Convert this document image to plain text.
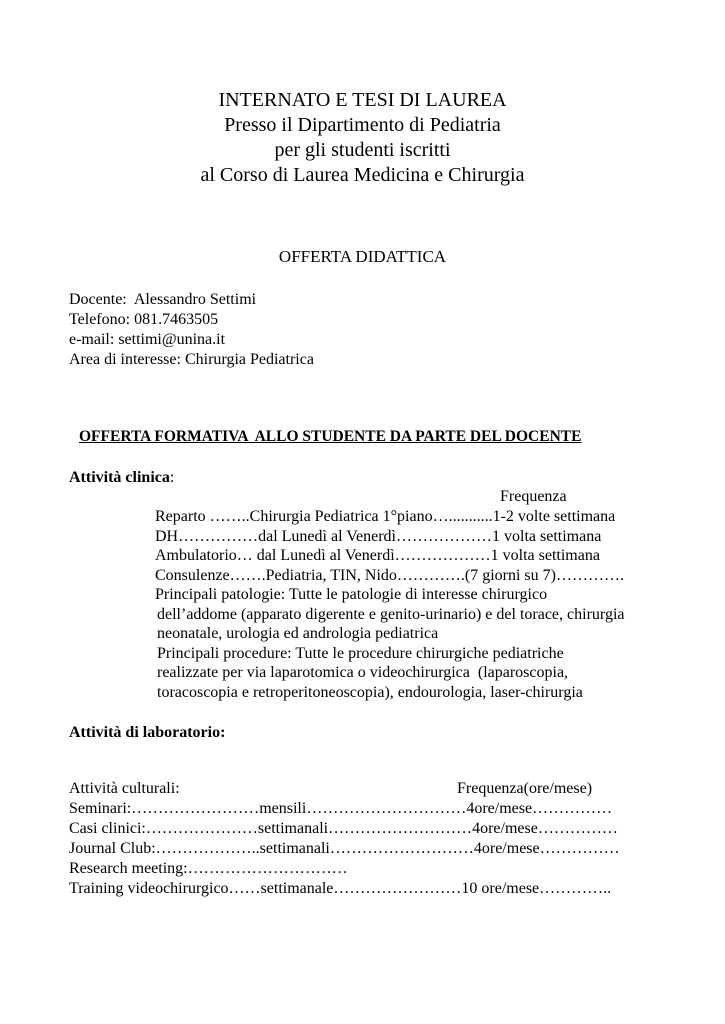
INTERNATO E TESI DI LAUREA
Presso il Dipartimento di Pediatria
per gli studenti iscritti
al Corso di Laurea Medicina e Chirurgia
OFFERTA DIDATTICA
Docente:  Alessandro Settimi
Telefono: 081.7463505
e-mail: settimi@unina.it
Area di interesse: Chirurgia Pediatrica
OFFERTA FORMATIVA  ALLO STUDENTE DA PARTE DEL DOCENTE
Attività clinica:
Frequenza
Reparto ……..Chirurgia Pediatrica 1°piano…...........1-2 volte settimana
DH……………dal Lunedì al Venerdì………………1 volta settimana
Ambulatorio… dal Lunedì al Venerdì………………1 volta settimana
Consulenze…….Pediatria, TIN, Nido………….(7 giorni su 7)………….
Principali patologie: Tutte le patologie di interesse chirurgico
dell’addome (apparato digerente e genito-urinario) e del torace, chirurgia
neonatale, urologia ed andrologia pediatrica
Principali procedure: Tutte le procedure chirurgiche pediatriche
realizzate per via laparotomica o videochirurgica  (laparoscopia,
toracoscopia e retroperitoneoscopia), endourologia, laser-chirurgia
Attività di laboratorio:
Attività culturali:	Frequenza(ore/mese)
Seminari:……………………mensili…………………………4ore/mese……………
Casi clinici:…………………settimanali………………………4ore/mese……………
Journal Club:………………..settimanali………………………4ore/mese……………
Research meeting:…………………………
Training videochirurgico……settimanale……………………10 ore/mese…………..
